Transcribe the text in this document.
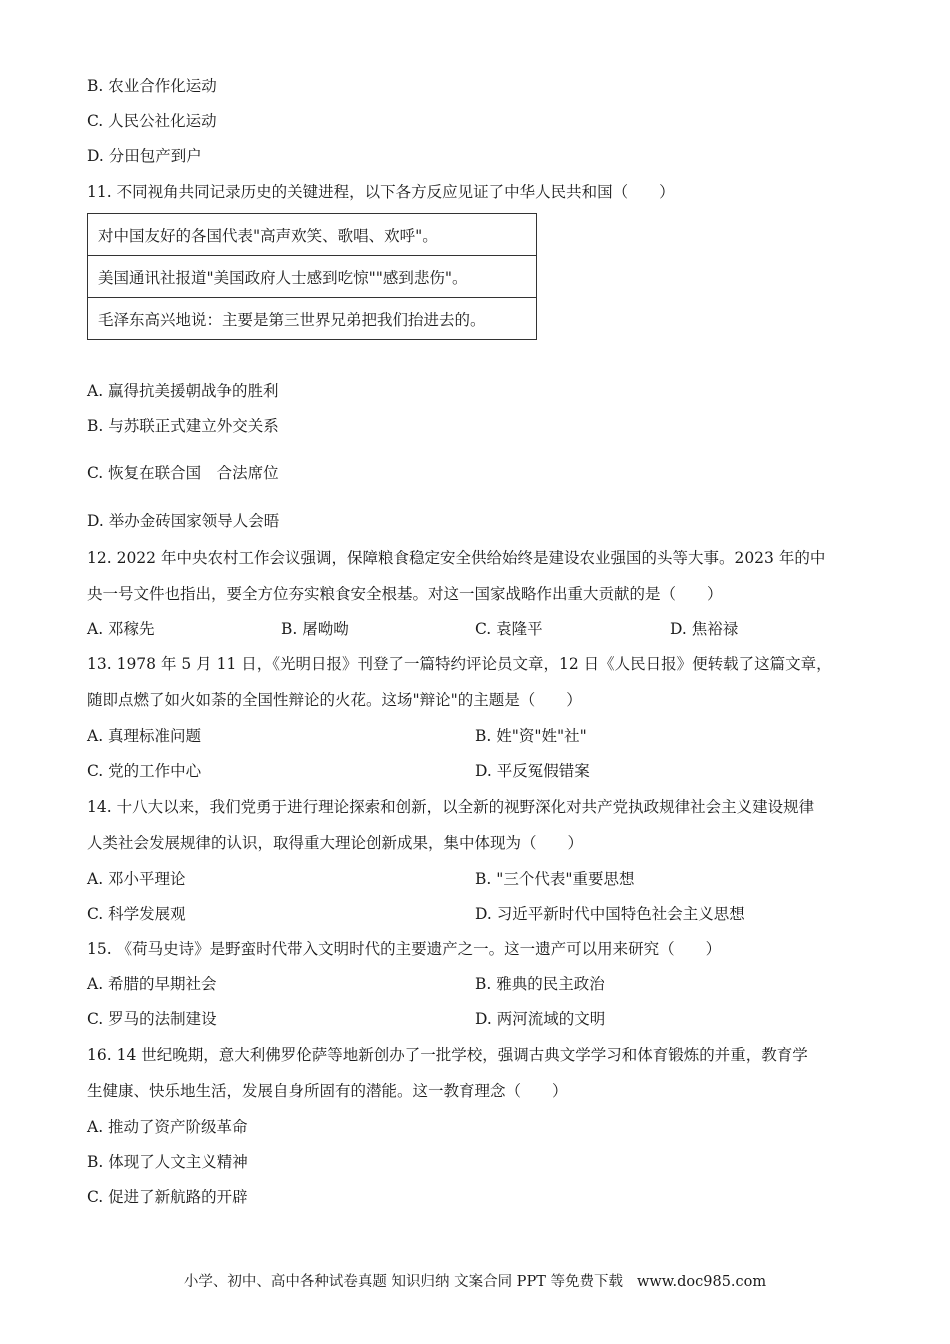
B. 农业合作化运动
C. 人民公社化运动
D. 分田包产到户
11. 不同视角共同记录历史的关键进程，以下各方反应见证了中华人民共和国（　　）
对中国友好的各国代表"高声欢笑、歌唱、欢呼"。
美国通讯社报道"美国政府人士感到吃惊""感到悲伤"。
毛泽东高兴地说：主要是第三世界兄弟把我们抬进去的。
A. 赢得抗美援朝战争的胜利
B. 与苏联正式建立外交关系
C. 恢复在联合国　合法席位
D. 举办金砖国家领导人会晤
12. 2022 年中央农村工作会议强调，保障粮食稳定安全供给始终是建设农业强国的头等大事。2023 年的中
央一号文件也指出，要全方位夯实粮食安全根基。对这一国家战略作出重大贡献的是（　　）
A. 邓稼先	B. 屠呦呦	C. 袁隆平	D. 焦裕禄
13. 1978 年 5 月 11 日，《光明日报》刊登了一篇特约评论员文章，12 日《人民日报》便转载了这篇文章，
随即点燃了如火如荼的全国性辩论的火花。这场"辩论"的主题是（　　）
A. 真理标准问题	B. 姓"资"姓"社"
C. 党的工作中心	D. 平反冤假错案
14. 十八大以来，我们党勇于进行理论探索和创新，以全新的视野深化对共产党执政规律社会主义建设规律
人类社会发展规律的认识，取得重大理论创新成果，集中体现为（　　）
A. 邓小平理论	B. "三个代表"重要思想
C. 科学发展观	D. 习近平新时代中国特色社会主义思想
15. 《荷马史诗》是野蛮时代带入文明时代的主要遗产之一。这一遗产可以用来研究（　　）
A. 希腊的早期社会	B. 雅典的民主政治
C. 罗马的法制建设	D. 两河流域的文明
16. 14 世纪晚期，意大利佛罗伦萨等地新创办了一批学校，强调古典文学学习和体育锻炼的并重，教育学
生健康、快乐地生活，发展自身所固有的潜能。这一教育理念（　　）
A. 推动了资产阶级革命
B. 体现了人文主义精神
C. 促进了新航路的开辟
小学、初中、高中各种试卷真题 知识归纳 文案合同 PPT 等免费下载 www.doc985.com
